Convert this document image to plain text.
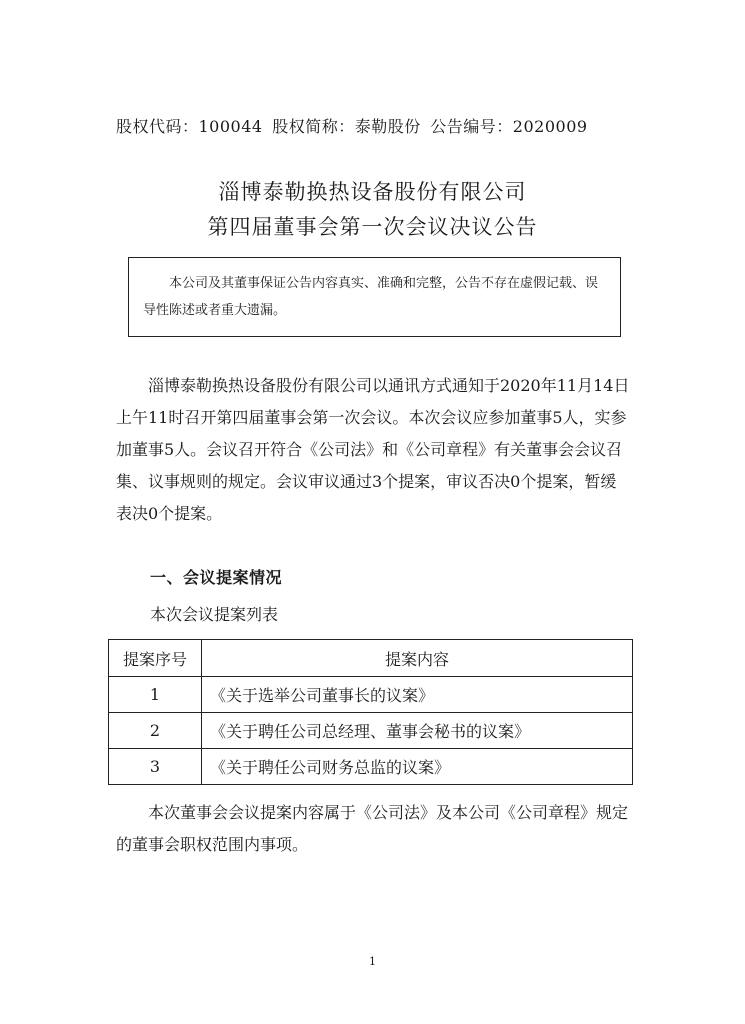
股权代码：100044 股权简称：泰勒股份 公告编号：2020009
淄博泰勒换热设备股份有限公司
第四届董事会第一次会议决议公告
本公司及其董事保证公告内容真实、准确和完整，公告不存在虚假记载、误导性陈述或者重大遗漏。
淄博泰勒换热设备股份有限公司以通讯方式通知于2020年11月14日上午11时召开第四届董事会第一次会议。本次会议应参加董事5人，实参加董事5人。会议召开符合《公司法》和《公司章程》有关董事会会议召集、议事规则的规定。会议审议通过3个提案，审议否决0个提案，暂缓表决0个提案。
一、会议提案情况
本次会议提案列表
提案序号	提案内容
1	《关于选举公司董事长的议案》
2	《关于聘任公司总经理、董事会秘书的议案》
3	《关于聘任公司财务总监的议案》
本次董事会会议提案内容属于《公司法》及本公司《公司章程》规定的董事会职权范围内事项。
1
